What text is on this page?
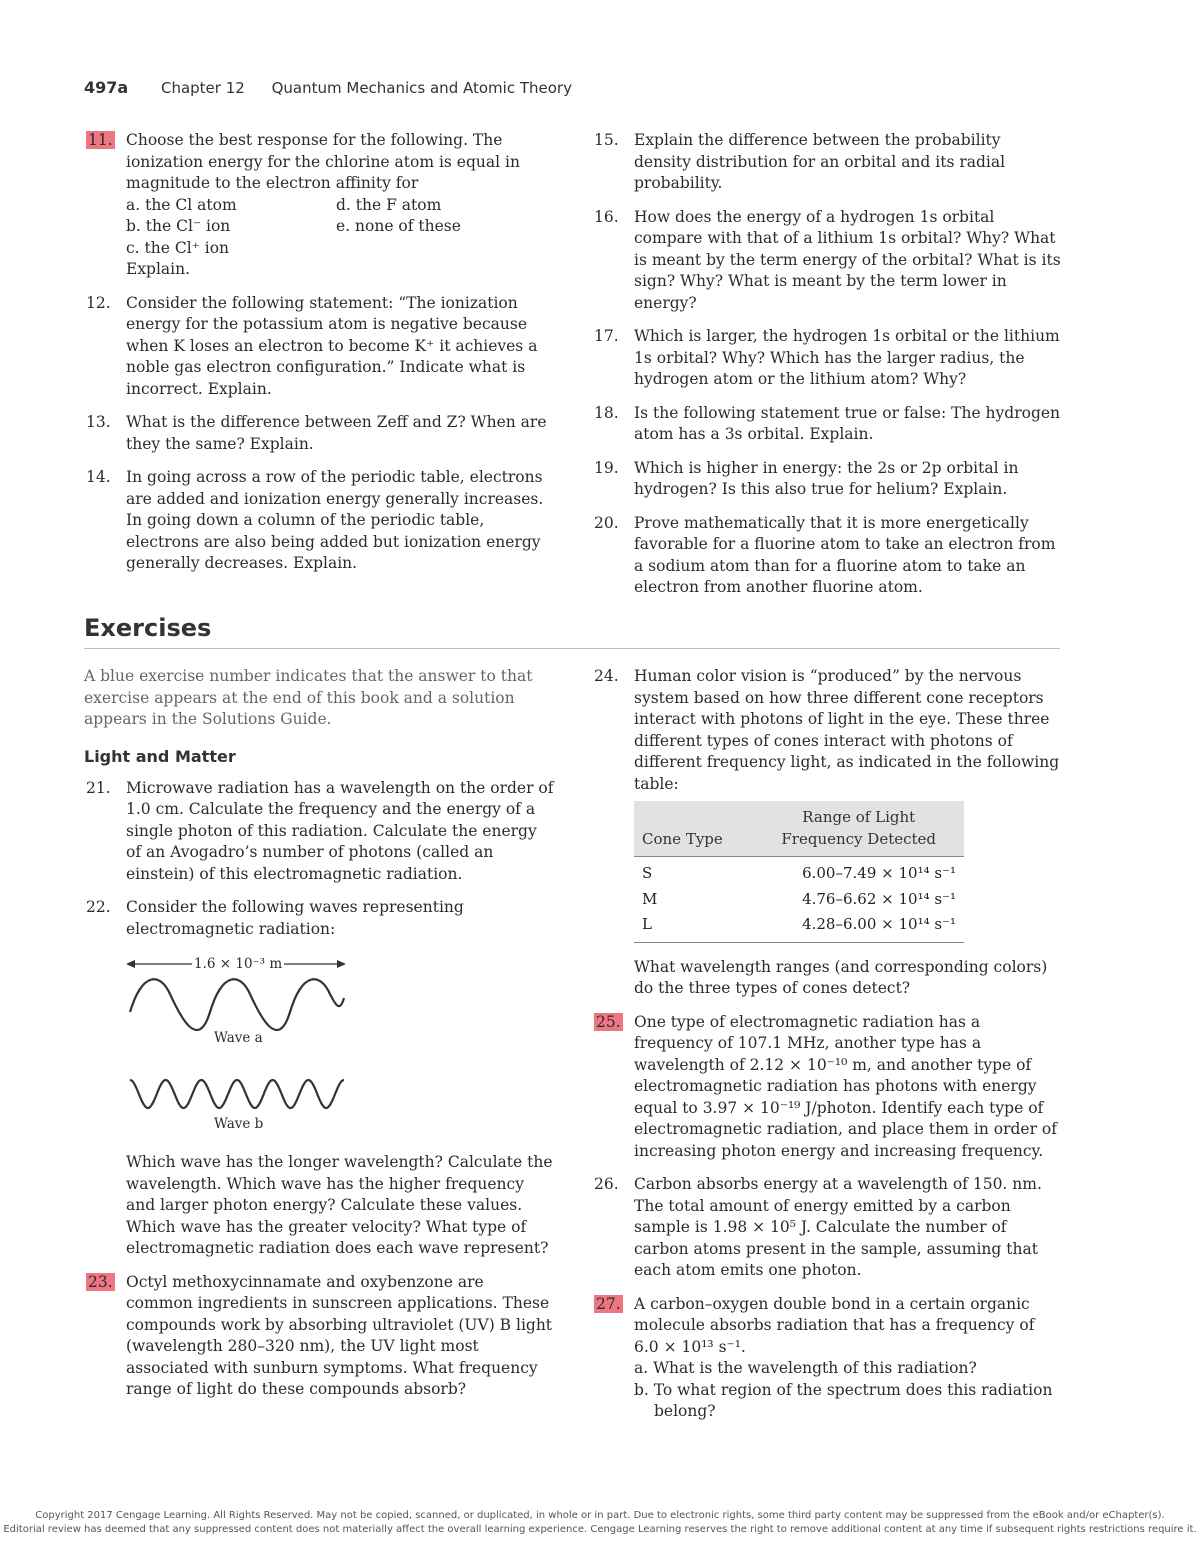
497a Chapter 12 Quantum Mechanics and Atomic Theory
11. Choose the best response for the following. The ionization energy for the chlorine atom is equal in magnitude to the electron affinity for
a. the Cl atom	d. the F atom
b. the Cl⁻ ion	e. none of these
c. the Cl⁺ ion
Explain.
12. Consider the following statement: “The ionization energy for the potassium atom is negative because when K loses an electron to become K⁺ it achieves a noble gas electron configuration.” Indicate what is incorrect. Explain.
13. What is the difference between Zeff and Z? When are they the same? Explain.
14. In going across a row of the periodic table, electrons are added and ionization energy generally increases. In going down a column of the periodic table, electrons are also being added but ionization energy generally decreases. Explain.
15. Explain the difference between the probability density distribution for an orbital and its radial probability.
16. How does the energy of a hydrogen 1s orbital compare with that of a lithium 1s orbital? Why? What is meant by the term energy of the orbital? What is its sign? Why? What is meant by the term lower in energy?
17. Which is larger, the hydrogen 1s orbital or the lithium 1s orbital? Why? Which has the larger radius, the hydrogen atom or the lithium atom? Why?
18. Is the following statement true or false: The hydrogen atom has a 3s orbital. Explain.
19. Which is higher in energy: the 2s or 2p orbital in hydrogen? Is this also true for helium? Explain.
20. Prove mathematically that it is more energetically favorable for a fluorine atom to take an electron from a sodium atom than for a fluorine atom to take an electron from another fluorine atom.
Exercises
A blue exercise number indicates that the answer to that exercise appears at the end of this book and a solution appears in the Solutions Guide.
Light and Matter
21. Microwave radiation has a wavelength on the order of 1.0 cm. Calculate the frequency and the energy of a single photon of this radiation. Calculate the energy of an Avogadro’s number of photons (called an einstein) of this electromagnetic radiation.
22. Consider the following waves representing electromagnetic radiation:
1.6 × 10⁻³ m
Wave a
Wave b
Which wave has the longer wavelength? Calculate the wavelength. Which wave has the higher frequency and larger photon energy? Calculate these values. Which wave has the greater velocity? What type of electromagnetic radiation does each wave represent?
23. Octyl methoxycinnamate and oxybenzone are common ingredients in sunscreen applications. These compounds work by absorbing ultraviolet (UV) B light (wavelength 280–320 nm), the UV light most associated with sunburn symptoms. What frequency range of light do these compounds absorb?
24. Human color vision is “produced” by the nervous system based on how three different cone receptors interact with photons of light in the eye. These three different types of cones interact with photons of different frequency light, as indicated in the following table:
Cone Type	Range of Light
Frequency Detected

S	6.00–7.49 × 10¹⁴ s⁻¹
M	4.76–6.62 × 10¹⁴ s⁻¹
L	4.28–6.00 × 10¹⁴ s⁻¹
What wavelength ranges (and corresponding colors) do the three types of cones detect?
25. One type of electromagnetic radiation has a frequency of 107.1 MHz, another type has a wavelength of 2.12 × 10⁻¹⁰ m, and another type of electromagnetic radiation has photons with energy equal to 3.97 × 10⁻¹⁹ J/photon. Identify each type of electromagnetic radiation, and place them in order of increasing photon energy and increasing frequency.
26. Carbon absorbs energy at a wavelength of 150. nm. The total amount of energy emitted by a carbon sample is 1.98 × 10⁵ J. Calculate the number of carbon atoms present in the sample, assuming that each atom emits one photon.
27. A carbon–oxygen double bond in a certain organic molecule absorbs radiation that has a frequency of 6.0 × 10¹³ s⁻¹.
a. What is the wavelength of this radiation?
b. To what region of the spectrum does this radiation belong?
Copyright 2017 Cengage Learning. All Rights Reserved. May not be copied, scanned, or duplicated, in whole or in part. Due to electronic rights, some third party content may be suppressed from the eBook and/or eChapter(s).
Editorial review has deemed that any suppressed content does not materially affect the overall learning experience. Cengage Learning reserves the right to remove additional content at any time if subsequent rights restrictions require it.
